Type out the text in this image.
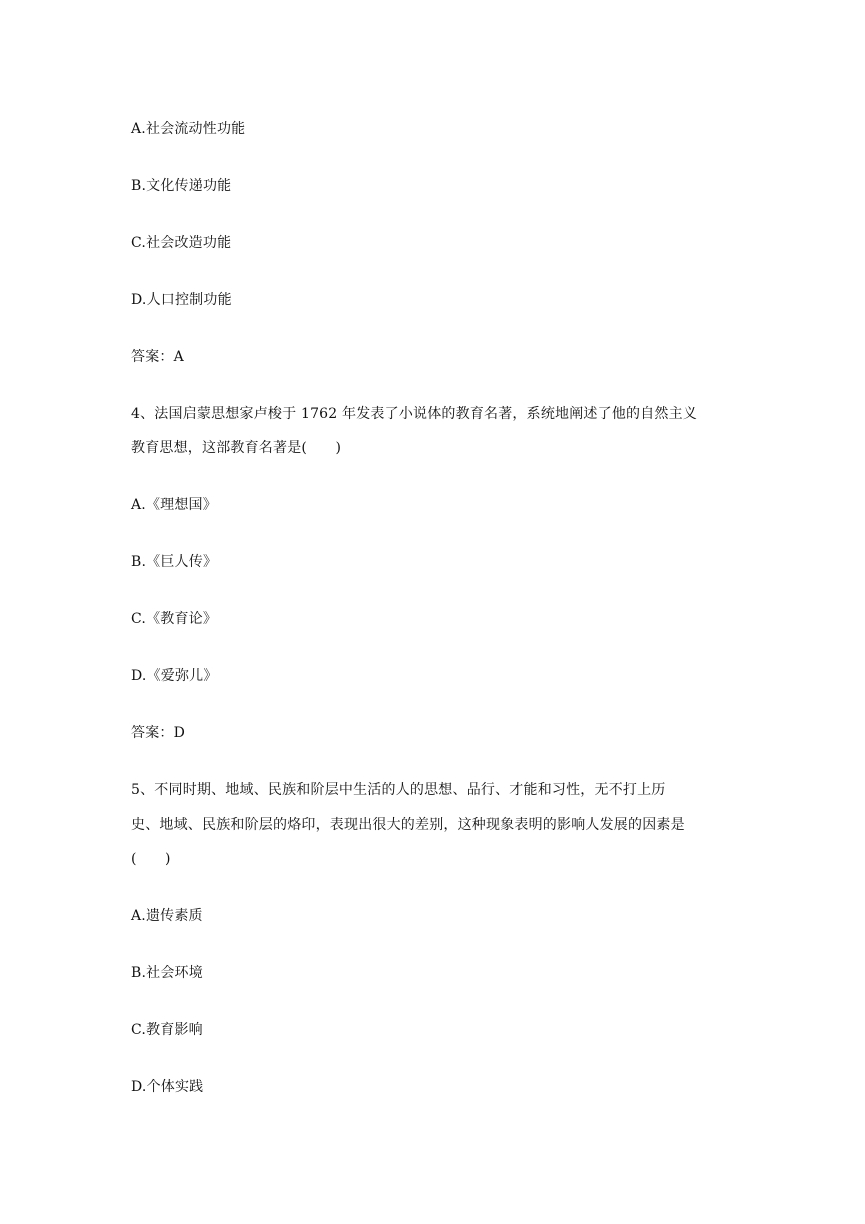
A.社会流动性功能
B.文化传递功能
C.社会改造功能
D.人口控制功能
答案：A
4、法国启蒙思想家卢梭于 1762 年发表了小说体的教育名著，系统地阐述了他的自然主义
教育思想，这部教育名著是(　　)
A.《理想国》
B.《巨人传》
C.《教育论》
D.《爱弥儿》
答案：D
5、不同时期、地域、民族和阶层中生活的人的思想、品行、才能和习性，无不打上历
史、地域、民族和阶层的烙印，表现出很大的差别，这种现象表明的影响人发展的因素是
(　　)
A.遗传素质
B.社会环境
C.教育影响
D.个体实践
